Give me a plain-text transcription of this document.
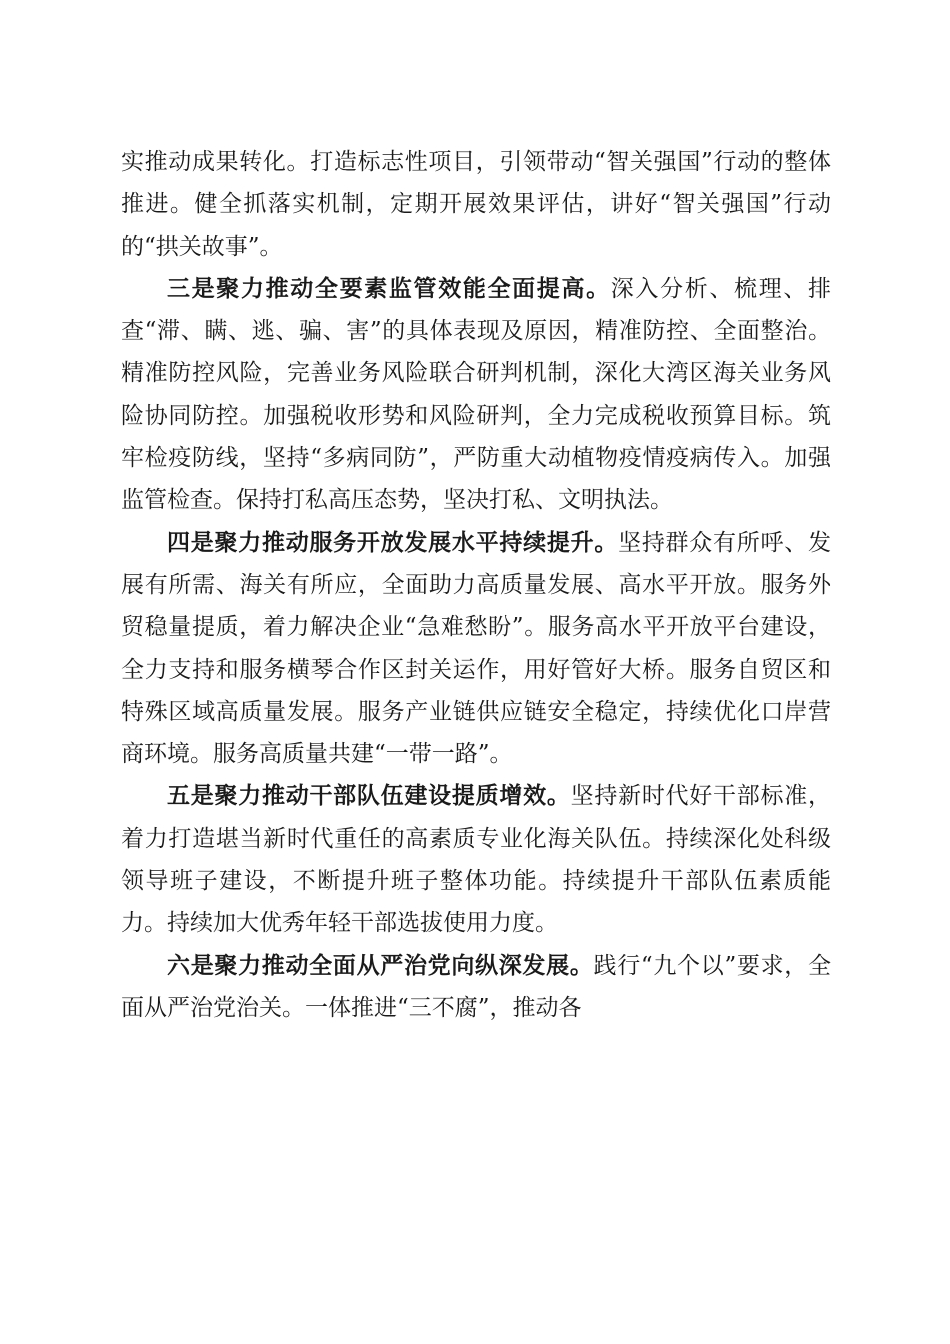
实推动成果转化。打造标志性项目，引领带动“智关强国”行动的整体推进。健全抓落实机制，定期开展效果评估，讲好“智关强国”行动的“拱关故事”。

三是聚力推动全要素监管效能全面提高。深入分析、梳理、排查“滞、瞒、逃、骗、害”的具体表现及原因，精准防控、全面整治。精准防控风险，完善业务风险联合研判机制，深化大湾区海关业务风险协同防控。加强税收形势和风险研判，全力完成税收预算目标。筑牢检疫防线，坚持“多病同防”，严防重大动植物疫情疫病传入。加强监管检查。保持打私高压态势，坚决打私、文明执法。

四是聚力推动服务开放发展水平持续提升。坚持群众有所呼、发展有所需、海关有所应，全面助力高质量发展、高水平开放。服务外贸稳量提质，着力解决企业“急难愁盼”。服务高水平开放平台建设，全力支持和服务横琴合作区封关运作，用好管好大桥。服务自贸区和特殊区域高质量发展。服务产业链供应链安全稳定，持续优化口岸营商环境。服务高质量共建“一带一路”。

五是聚力推动干部队伍建设提质增效。坚持新时代好干部标准，着力打造堪当新时代重任的高素质专业化海关队伍。持续深化处科级领导班子建设，不断提升班子整体功能。持续提升干部队伍素质能力。持续加大优秀年轻干部选拔使用力度。

六是聚力推动全面从严治党向纵深发展。践行“九个以”要求，全面从严治党治关。一体推进“三不腐”，推动各
